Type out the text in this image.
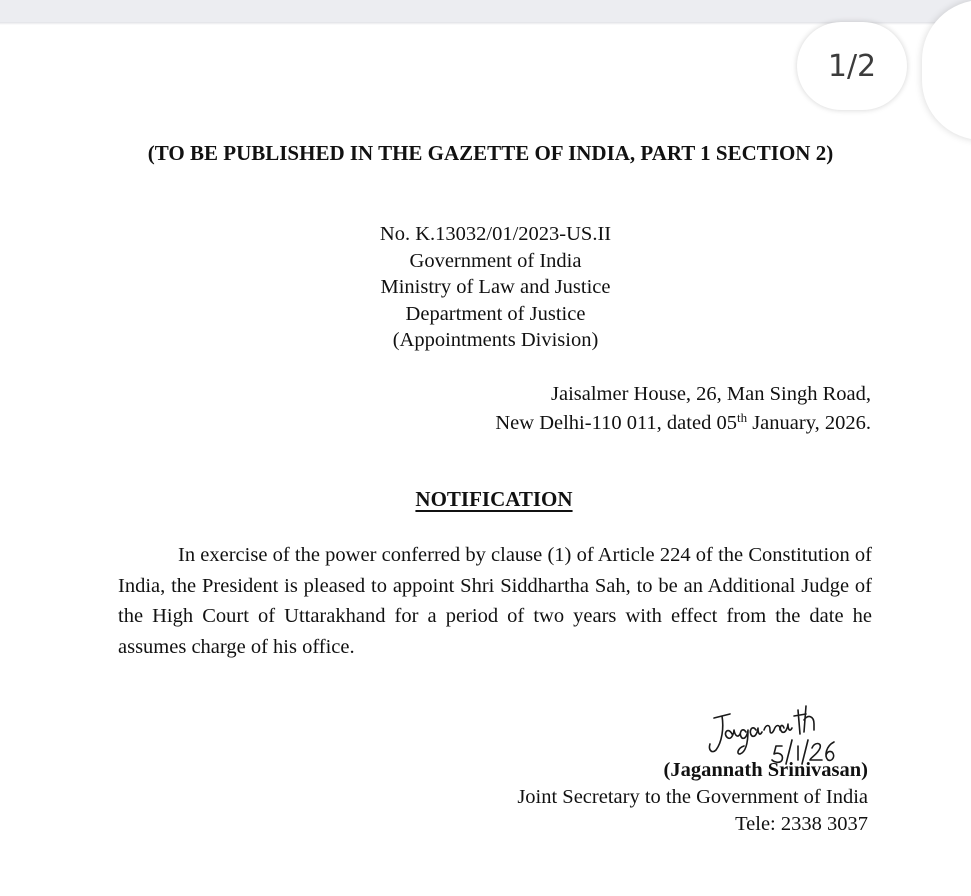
1/2
(TO BE PUBLISHED IN THE GAZETTE OF INDIA, PART 1 SECTION 2)
No. K.13032/01/2023-US.II
Government of India
Ministry of Law and Justice
Department of Justice
(Appointments Division)
Jaisalmer House, 26, Man Singh Road,
New Delhi-110 011, dated 05th January, 2026.
NOTIFICATION
In exercise of the power conferred by clause (1) of Article 224 of the Constitution of India, the President is pleased to appoint Shri Siddhartha Sah, to be an Additional Judge of the High Court of Uttarakhand for a period of two years with effect from the date he assumes charge of his office.
(Jagannath Srinivasan)
Joint Secretary to the Government of India
Tele: 2338 3037
